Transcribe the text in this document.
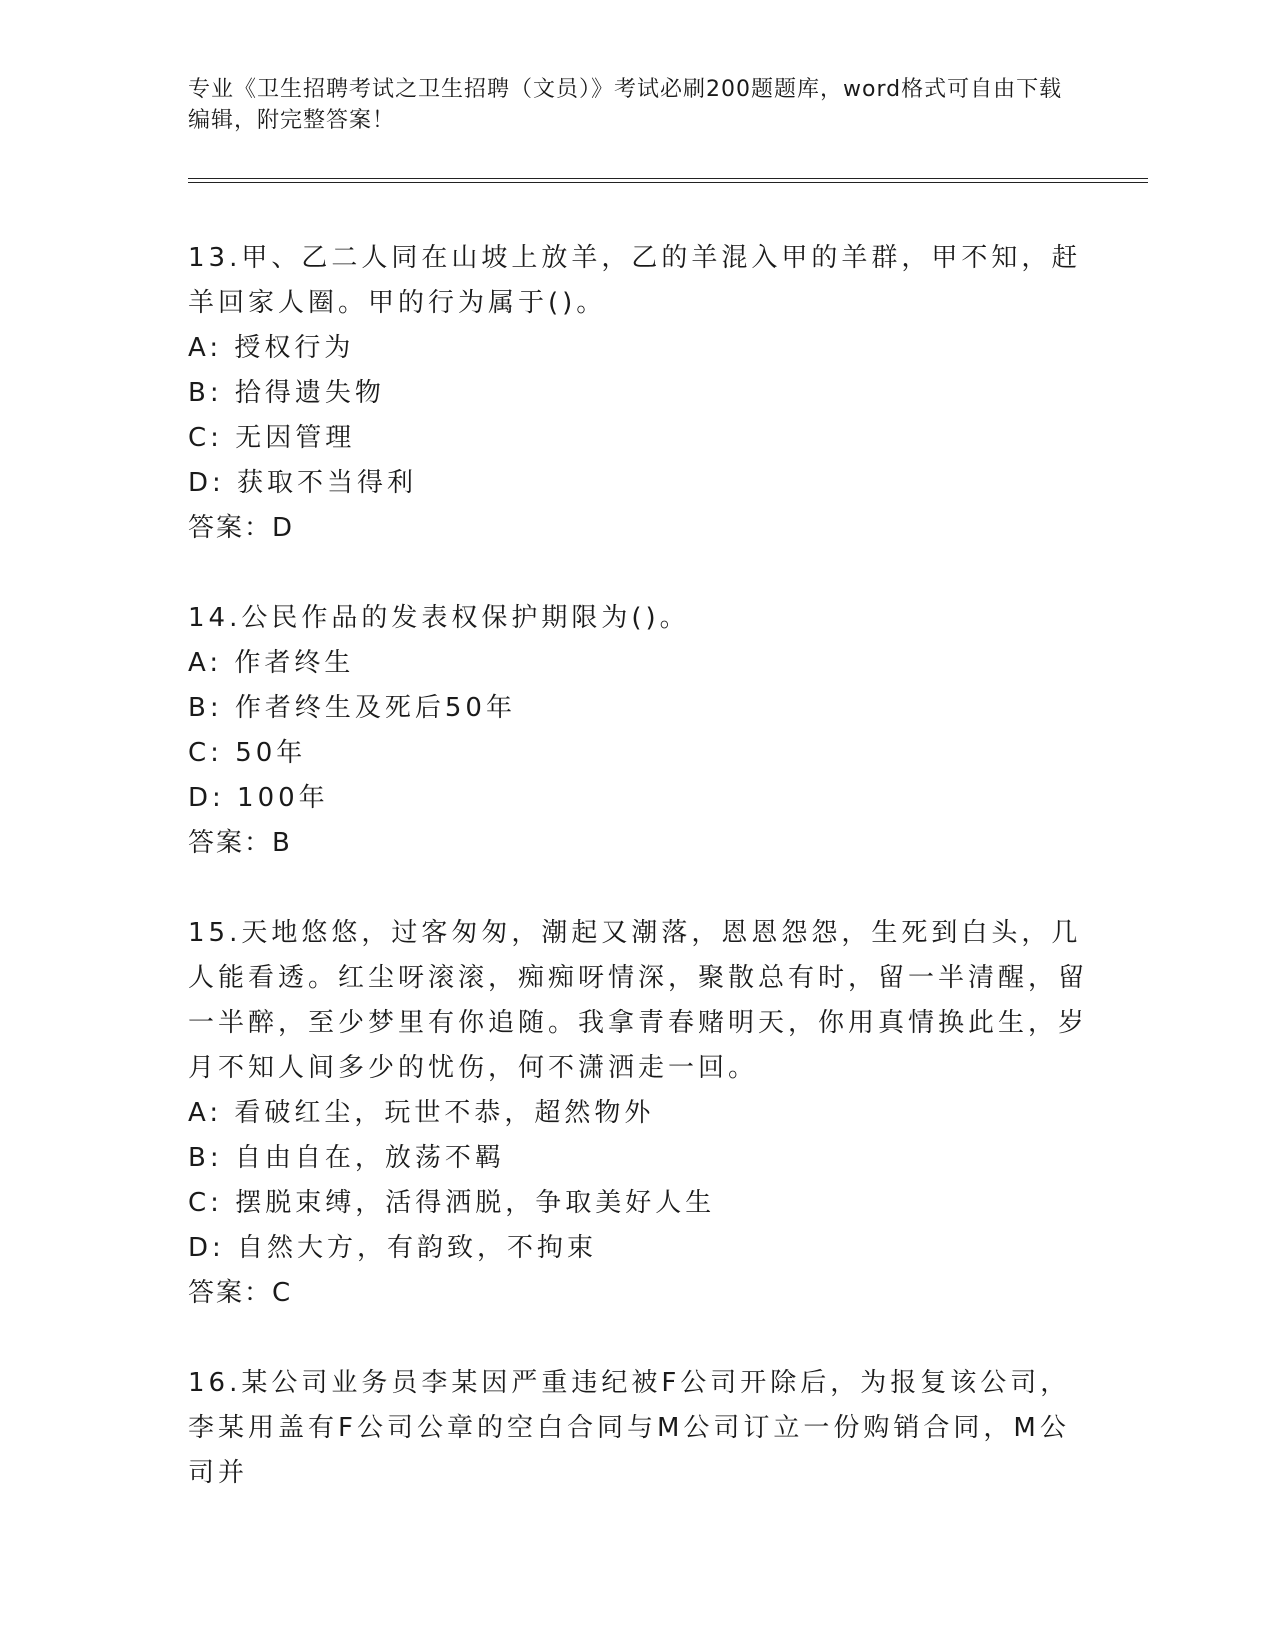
专业《卫生招聘考试之卫生招聘（文员）》考试必刷200题题库，word格式可自由下载编辑，附完整答案！

13.甲、乙二人同在山坡上放羊，乙的羊混入甲的羊群，甲不知，赶羊回家人圈。甲的行为属于()。

A: 授权行为

B: 拾得遗失物

C: 无因管理

D: 获取不当得利

答案：D

14.公民作品的发表权保护期限为()。

A: 作者终生

B: 作者终生及死后50年

C: 50年

D: 100年

答案：B

15.天地悠悠，过客匆匆，潮起又潮落，恩恩怨怨，生死到白头，几人能看透。红尘呀滚滚，痴痴呀情深，聚散总有时，留一半清醒，留一半醉，至少梦里有你追随。我拿青春赌明天，你用真情换此生，岁月不知人间多少的忧伤，何不潇洒走一回。

A: 看破红尘，玩世不恭，超然物外

B: 自由自在，放荡不羁

C: 摆脱束缚，活得洒脱，争取美好人生

D: 自然大方，有韵致，不拘束

答案：C

16.某公司业务员李某因严重违纪被F公司开除后，为报复该公司，李某用盖有F公司公章的空白合同与M公司订立一份购销合同，M公司并
